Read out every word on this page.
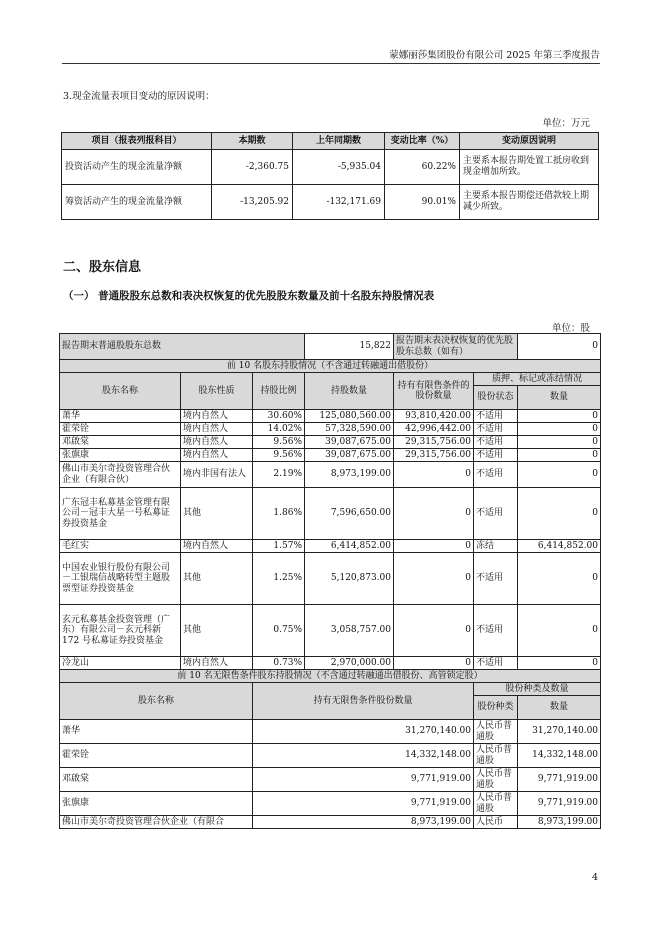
蒙娜丽莎集团股份有限公司 2025 年第三季度报告
3.现金流量表项目变动的原因说明：
单位：万元
项目（报表列报科目）	本期数	上年同期数	变动比率（%）	变动原因说明
投资活动产生的现金流量净额	-2,360.75	-5,935.04	60.22%	主要系本报告期处置工抵房收到现金增加所致。
筹资活动产生的现金流量净额	-13,205.92	-132,171.69	90.01%	主要系本报告期偿还借款较上期减少所致。
二、股东信息
（一） 普通股股东总数和表决权恢复的优先股股东数量及前十名股东持股情况表
单位：股
报告期末普通股股东总数			15,822	报告期末表决权恢复的优先股股东总数（如有）		0
前 10 名股东持股情况（不含通过转融通出借股份）						
股东名称	股东性质	持股比例	持股数量	持有有限售条件的股份数量	质押、标记或冻结情况	
					股份状态	数量
萧华	境内自然人	30.60%	125,080,560.00	93,810,420.00	不适用	0
霍荣铨	境内自然人	14.02%	57,328,590.00	42,996,442.00	不适用	0
邓啟棠	境内自然人	9.56%	39,087,675.00	29,315,756.00	不适用	0
张旗康	境内自然人	9.56%	39,087,675.00	29,315,756.00	不适用	0
佛山市美尔奇投资管理合伙企业（有限合伙）	境内非国有法人	2.19%	8,973,199.00	0	不适用	0
广东冠丰私募基金管理有限公司－冠丰大星一号私募证券投资基金	其他	1.86%	7,596,650.00	0	不适用	0
毛红实	境内自然人	1.57%	6,414,852.00	0	冻结	6,414,852.00
中国农业银行股份有限公司－工银瑞信战略转型主题股票型证券投资基金	其他	1.25%	5,120,873.00	0	不适用	0
玄元私募基金投资管理（广东）有限公司－玄元科新 172 号私募证券投资基金	其他	0.75%	3,058,757.00	0	不适用	0
冷龙山	境内自然人	0.73%	2,970,000.00	0	不适用	0
前 10 名无限售条件股东持股情况（不含通过转融通出借股份、高管锁定股）						
股东名称		持有无限售条件股份数量			股份种类及数量	
					股份种类	数量
萧华		31,270,140.00			人民币普通股	31,270,140.00
霍荣铨		14,332,148.00			人民币普通股	14,332,148.00
邓啟棠		9,771,919.00			人民币普通股	9,771,919.00
张旗康		9,771,919.00			人民币普通股	9,771,919.00
佛山市美尔奇投资管理合伙企业（有限合		8,973,199.00			人民币	8,973,199.00
4
